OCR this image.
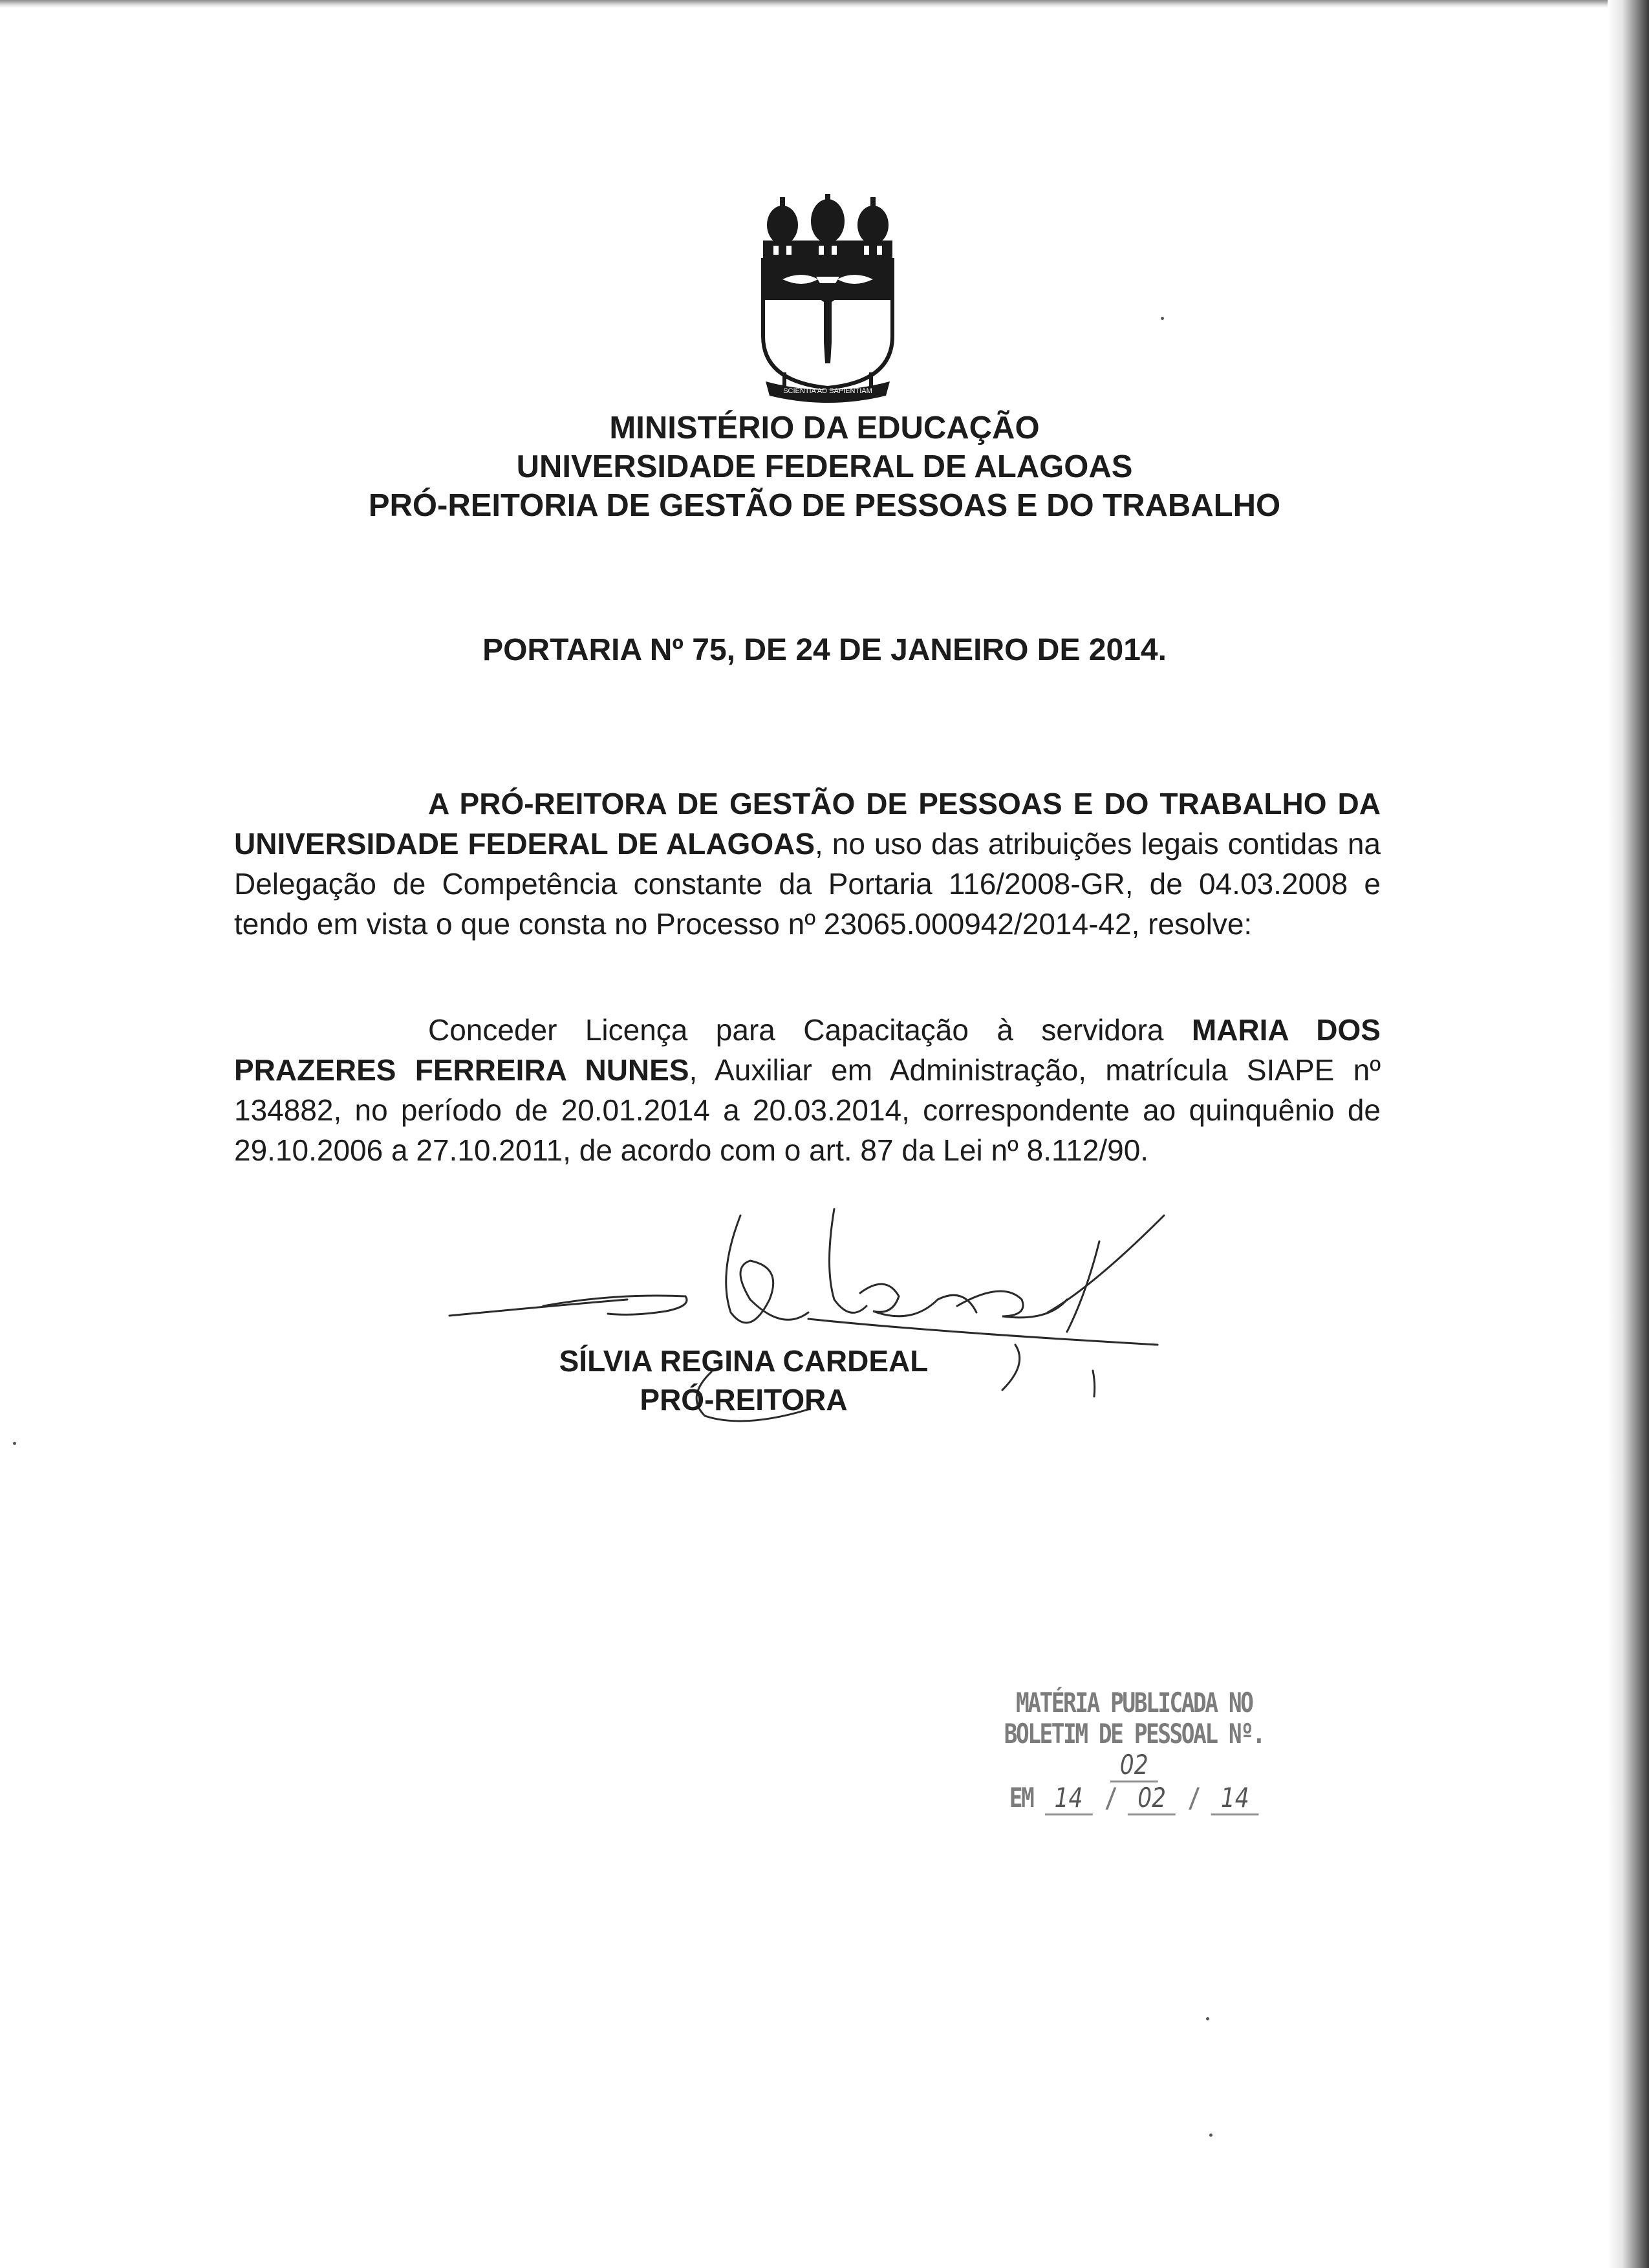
SCIENTIA AD SAPIENTIAM
MINISTÉRIO DA EDUCAÇÃO
UNIVERSIDADE FEDERAL DE ALAGOAS
PRÓ-REITORIA DE GESTÃO DE PESSOAS E DO TRABALHO
PORTARIA Nº 75, DE 24 DE JANEIRO DE 2014.
A PRÓ-REITORA DE GESTÃO DE PESSOAS E DO TRABALHO DA UNIVERSIDADE FEDERAL DE ALAGOAS, no uso das atribuições legais contidas na Delegação de Competência constante da Portaria 116/2008-GR, de 04.03.2008 e tendo em vista o que consta no Processo nº 23065.000942/2014-42, resolve:
Conceder Licença para Capacitação à servidora MARIA DOS PRAZERES FERREIRA NUNES, Auxiliar em Administração, matrícula SIAPE nº 134882, no período de 20.01.2014 a 20.03.2014, correspondente ao quinquênio de 29.10.2006 a 27.10.2011, de acordo com o art. 87 da Lei nº 8.112/90.
SÍLVIA REGINA CARDEAL
PRÓ-REITORA
MATÉRIA PUBLICADA NO
BOLETIM DE PESSOAL Nº. 02
EM 14 / 02 / 14
